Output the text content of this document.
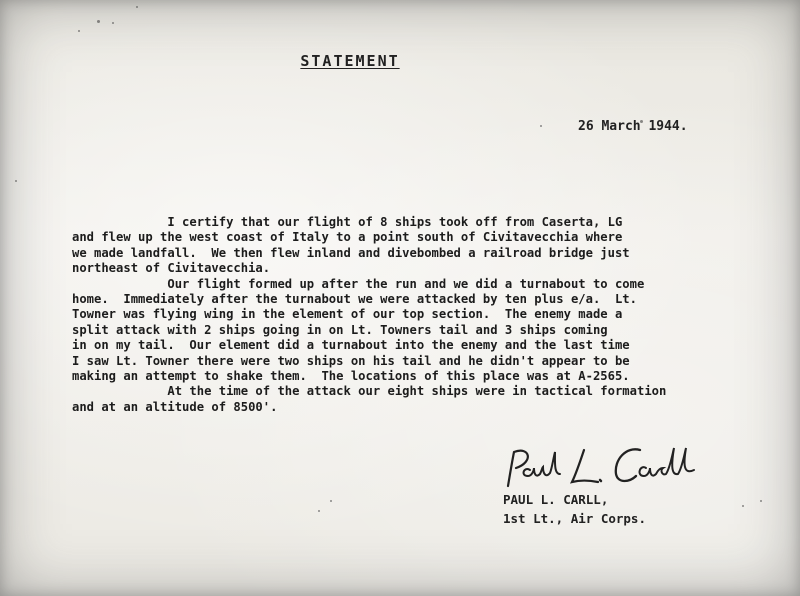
STATEMENT
26 March 1944.
I certify that our flight of 8 ships took off from Caserta, LG
and flew up the west coast of Italy to a point south of Civitavecchia where
we made landfall.  We then flew inland and divebombed a railroad bridge just
northeast of Civitavecchia.
Our flight formed up after the run and we did a turnabout to come
home.  Immediately after the turnabout we were attacked by ten plus e/a.  Lt.
Towner was flying wing in the element of our top section.  The enemy made a
split attack with 2 ships going in on Lt. Towners tail and 3 ships coming
in on my tail.  Our element did a turnabout into the enemy and the last time
I saw Lt. Towner there were two ships on his tail and he didn't appear to be
making an attempt to shake them.  The locations of this place was at A-2565.
At the time of the attack our eight ships were in tactical formation
and at an altitude of 8500'.
PAUL L. CARLL,
1st Lt., Air Corps.
